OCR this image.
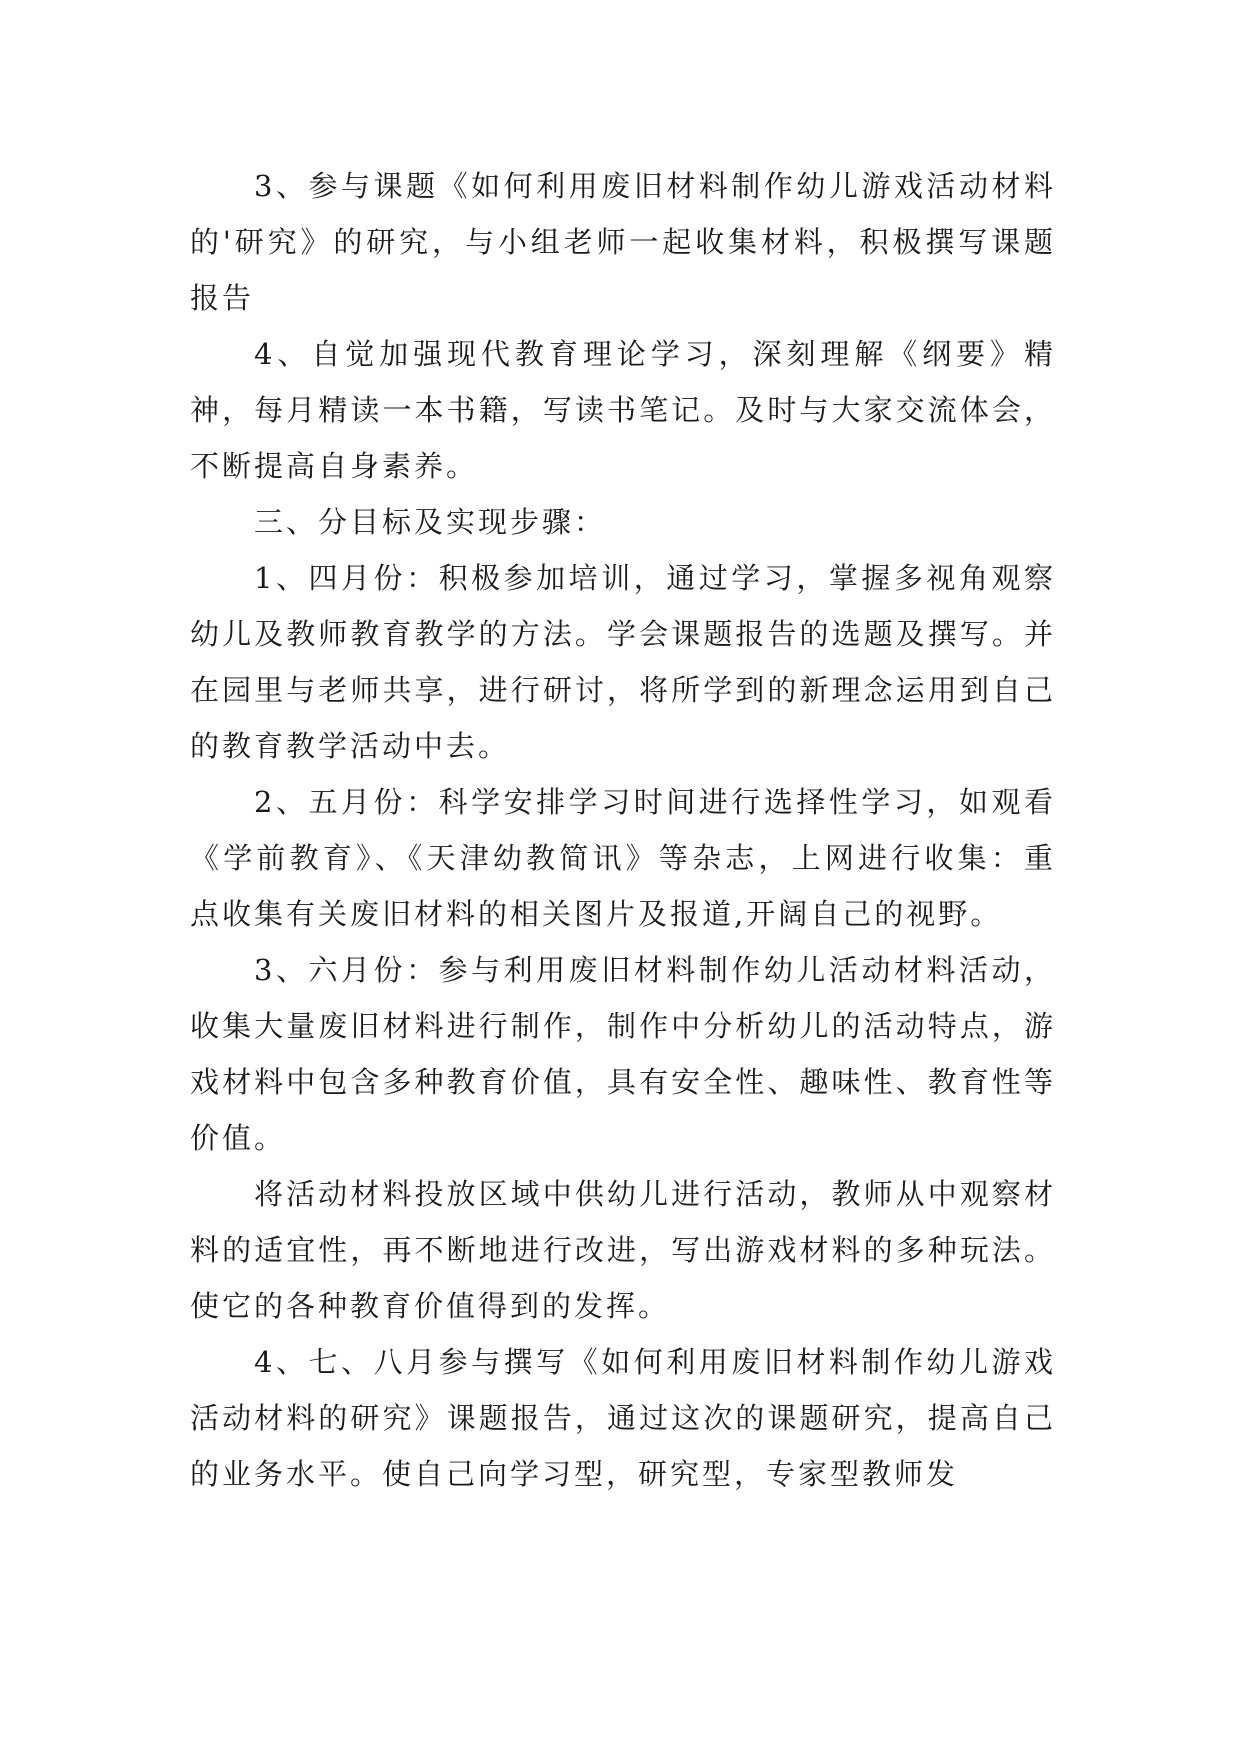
3、参与课题《如何利用废旧材料制作幼儿游戏活动材料的'研究》的研究，与小组老师一起收集材料，积极撰写课题报告

4、自觉加强现代教育理论学习，深刻理解《纲要》精神，每月精读一本书籍，写读书笔记。及时与大家交流体会，不断提高自身素养。

三、分目标及实现步骤：

1、四月份：积极参加培训，通过学习，掌握多视角观察幼儿及教师教育教学的方法。学会课题报告的选题及撰写。并在园里与老师共享，进行研讨，将所学到的新理念运用到自己的教育教学活动中去。

2、五月份：科学安排学习时间进行选择性学习，如观看《学前教育》、《天津幼教简讯》等杂志，上网进行收集：重点收集有关废旧材料的相关图片及报道,开阔自己的视野。

3、六月份：参与利用废旧材料制作幼儿活动材料活动，收集大量废旧材料进行制作，制作中分析幼儿的活动特点，游戏材料中包含多种教育价值，具有安全性、趣味性、教育性等价值。

将活动材料投放区域中供幼儿进行活动，教师从中观察材料的适宜性，再不断地进行改进，写出游戏材料的多种玩法。使它的各种教育价值得到的发挥。

4、七、八月参与撰写《如何利用废旧材料制作幼儿游戏活动材料的研究》课题报告，通过这次的课题研究，提高自己的业务水平。使自己向学习型，研究型，专家型教师发
